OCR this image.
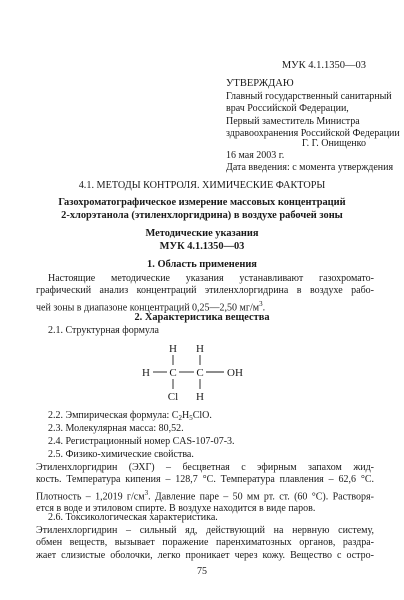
МУК 4.1.1350—03
УТВЕРЖДАЮ
Главный государственный санитарный
врач Российской Федерации,
Первый заместитель Министра
здравоохранения Российской Федерации
Г. Г. Онищенко
16 мая 2003 г.
Дата введения: с момента утверждения
4.1. МЕТОДЫ КОНТРОЛЯ. ХИМИЧЕСКИЕ ФАКТОРЫ
Газохроматографическое измерение массовых концентраций
2-хлорэтанола (этиленхлоргидрина) в воздухе рабочей зоны
Методические указания
МУК 4.1.1350—03
1. Область применения
Настоящие методические указания устанавливают газохромато-
графический анализ концентраций этиленхлоргидрина в воздухе рабо-
чей зоны в диапазоне концентраций 0,25—2,50 $мг/м^3$.
2. Характеристика вещества
2.1. Структурная формула
H H
H C C OH
Cl H
2.2. Эмпирическая формула: $C_2H_5ClO$.
2.3. Молекулярная масса: 80,52.
2.4. Регистрационный номер CAS-107-07-3.
2.5. Физико-химические свойства.
Этиленхлоргидрин (ЭХГ) – бесцветная с эфирным запахом жид-
кость. Температура кипения – 128,7 °С. Температура плавления – 62,6 °С.
Плотность – 1,2019 $г/см^3$. Давление паре – 50 мм рт. ст. (60 °С). Растворя-
ется в воде и этиловом спирте. В воздухе находится в виде паров.
2.6. Токсикологическая характеристика.
Этиленхлоргидрин – сильный яд, действующий на нервную систему,
обмен веществ, вызывает поражение паренхиматозных органов, раздра-
жает слизистые оболочки, легко проникает через кожу. Вещество с остро-
75
